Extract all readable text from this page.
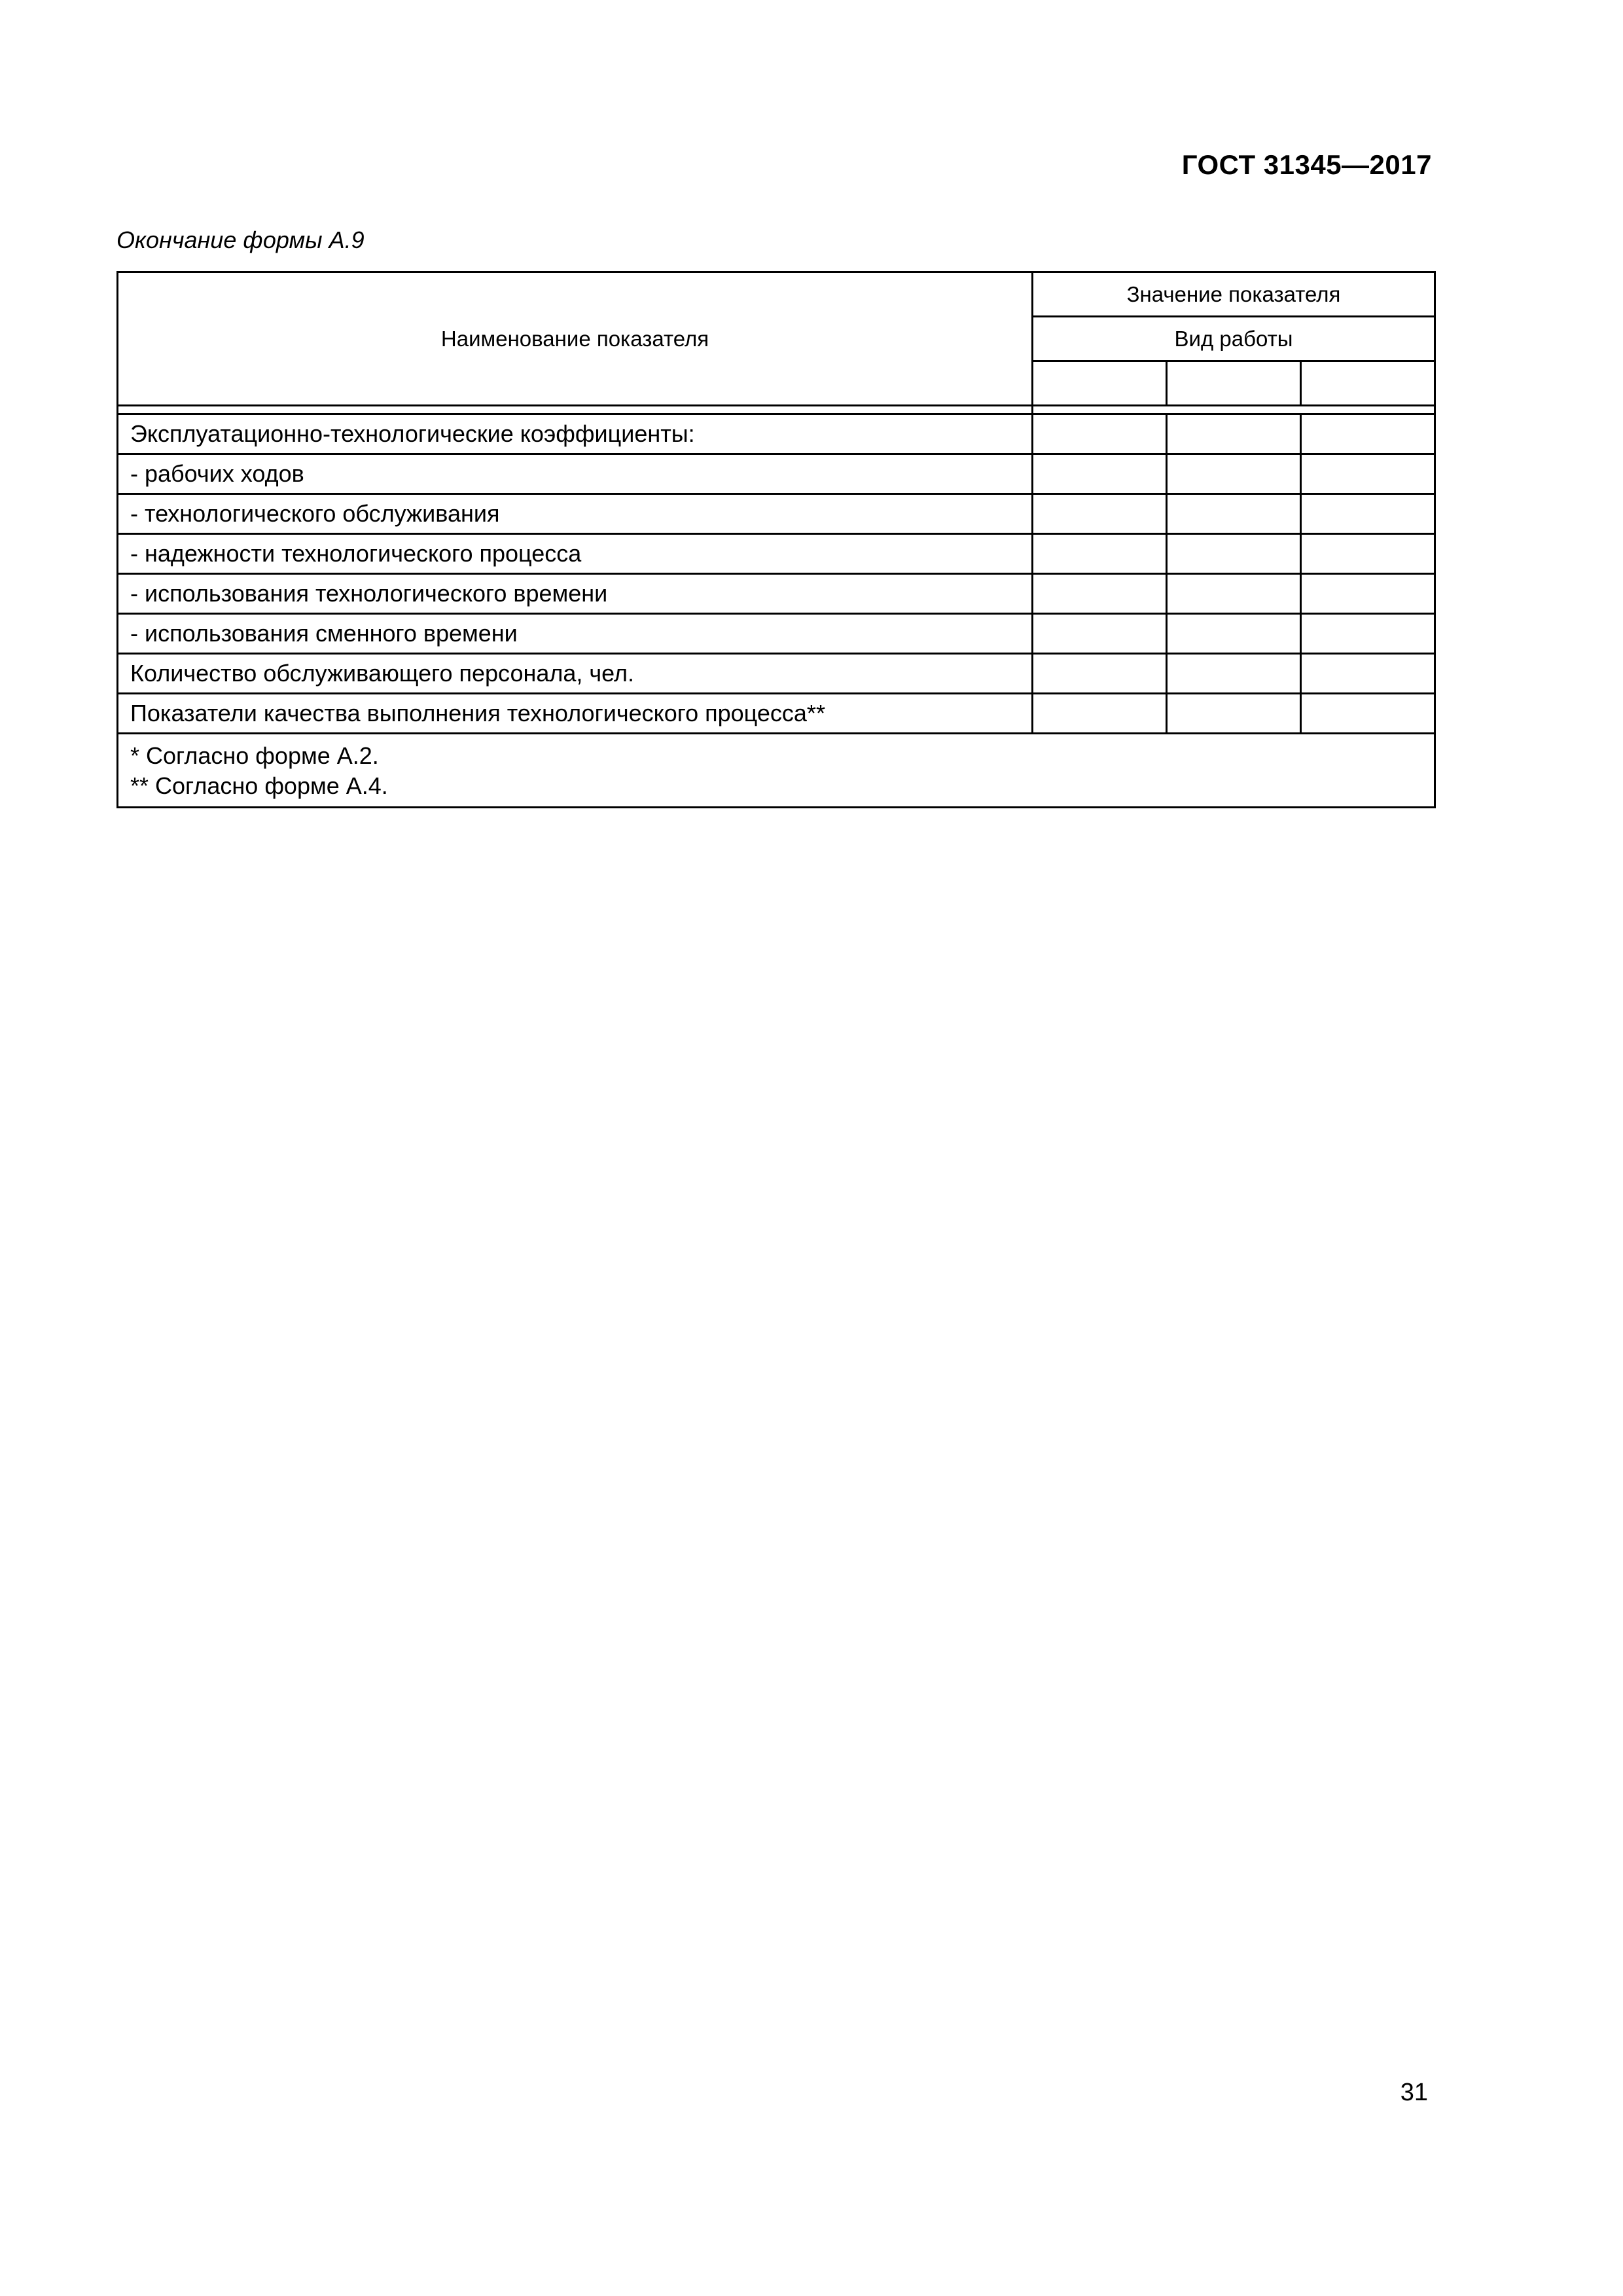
ГОСТ 31345—2017
Окончание формы А.9
Наименование показателя	Значение показателя		
	Вид работы		

Эксплуатационно-технологические коэффициенты:			
- рабочих ходов			
- технологического обслуживания			
- надежности технологического процесса			
- использования технологического времени			
- использования сменного времени			
Количество обслуживающего персонала, чел.			
Показатели качества выполнения технологического процесса**			

* Согласно форме А.2.
** Согласно форме А.4.			
31
